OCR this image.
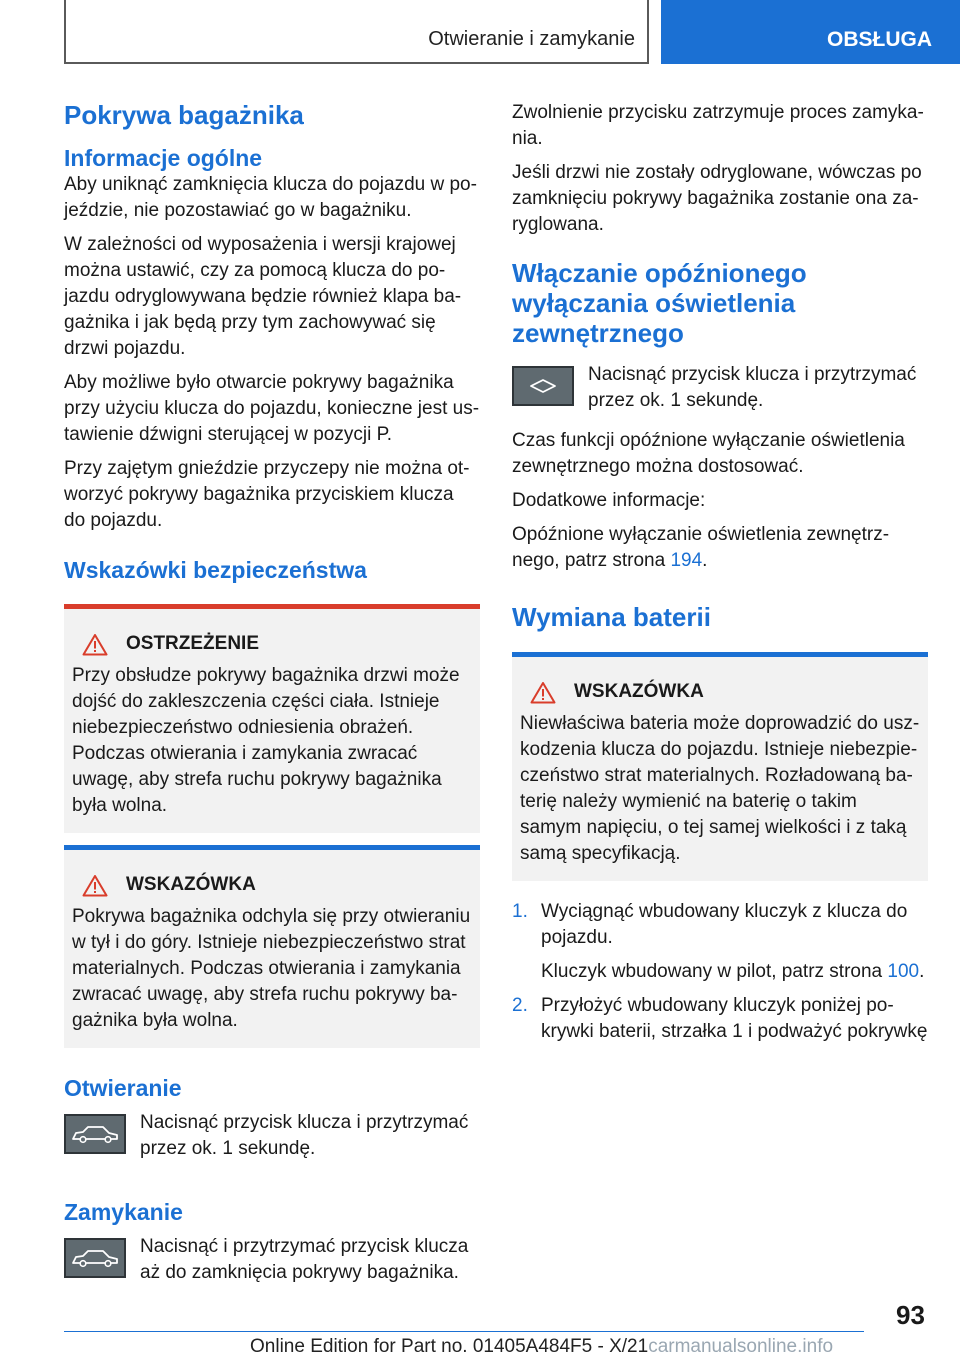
Otwieranie i zamykanie	OBSŁUGA
Pokrywa bagażnika
Informacje ogólne

Aby uniknąć zamknięcia klucza do pojazdu w pojeździe, nie pozostawiać go w bagażniku.

W zależności od wyposażenia i wersji krajowej można ustawić, czy za pomocą klucza do pojazdu odryglowywana będzie również klapa bagażnika i jak będą przy tym zachowywać się drzwi pojazdu.

Aby możliwe było otwarcie pokrywy bagażnika przy użyciu klucza do pojazdu, konieczne jest ustawienie dźwigni sterującej w pozycji P.

Przy zajętym gnieździe przyczepy nie można otworzyć pokrywy bagażnika przyciskiem klucza do pojazdu.

Wskazówki bezpieczeństwa
OSTRZEŻENIE

Przy obsłudze pokrywy bagażnika drzwi może dojść do zakleszczenia części ciała. Istnieje niebezpieczeństwo odniesienia obrażeń. Podczas otwierania i zamykania zwracać uwagę, aby strefa ruchu pokrywy bagażnika była wolna.

WSKAZÓWKA

Pokrywa bagażnika odchyla się przy otwieraniu w tył i do góry. Istnieje niebezpieczeństwo strat materialnych. Podczas otwierania i zamykania zwracać uwagę, aby strefa ruchu pokrywy bagażnika była wolna.

Otwieranie

Nacisnąć przycisk klucza i przytrzymać przez ok. 1 sekundę.

Zamykanie

Nacisnąć i przytrzymać przycisk klucza aż do zamknięcia pokrywy bagażnika.

Zwolnienie przycisku zatrzymuje proces zamykania.

Jeśli drzwi nie zostały odryglowane, wówczas po zamknięciu pokrywy bagażnika zostanie ona zaryglowana.

Włączanie opóźnionego wyłączania oświetlenia zewnętrznego

Nacisnąć przycisk klucza i przytrzymać przez ok. 1 sekundę.

Czas funkcji opóźnione wyłączanie oświetlenia zewnętrznego można dostosować.

Dodatkowe informacje:

Opóźnione wyłączanie oświetlenia zewnętrznego, patrz strona 194.

Wymiana baterii
WSKAZÓWKA

Niewłaściwa bateria może doprowadzić do uszkodzenia klucza do pojazdu. Istnieje niebezpieczeństwo strat materialnych. Rozładowaną baterię należy wymienić na baterię o takim samym napięciu, o tej samej wielkości i z taką samą specyfikacją.

1. Wyciągnąć wbudowany kluczyk z klucza do pojazdu.
Kluczyk wbudowany w pilot, patrz strona 100.
2. Przyłożyć wbudowany kluczyk poniżej pokrywki baterii, strzałka 1 i podważyć pokrywkę
93
Online Edition for Part no. 01405A484F5 - X/21carmanualsonline.info
